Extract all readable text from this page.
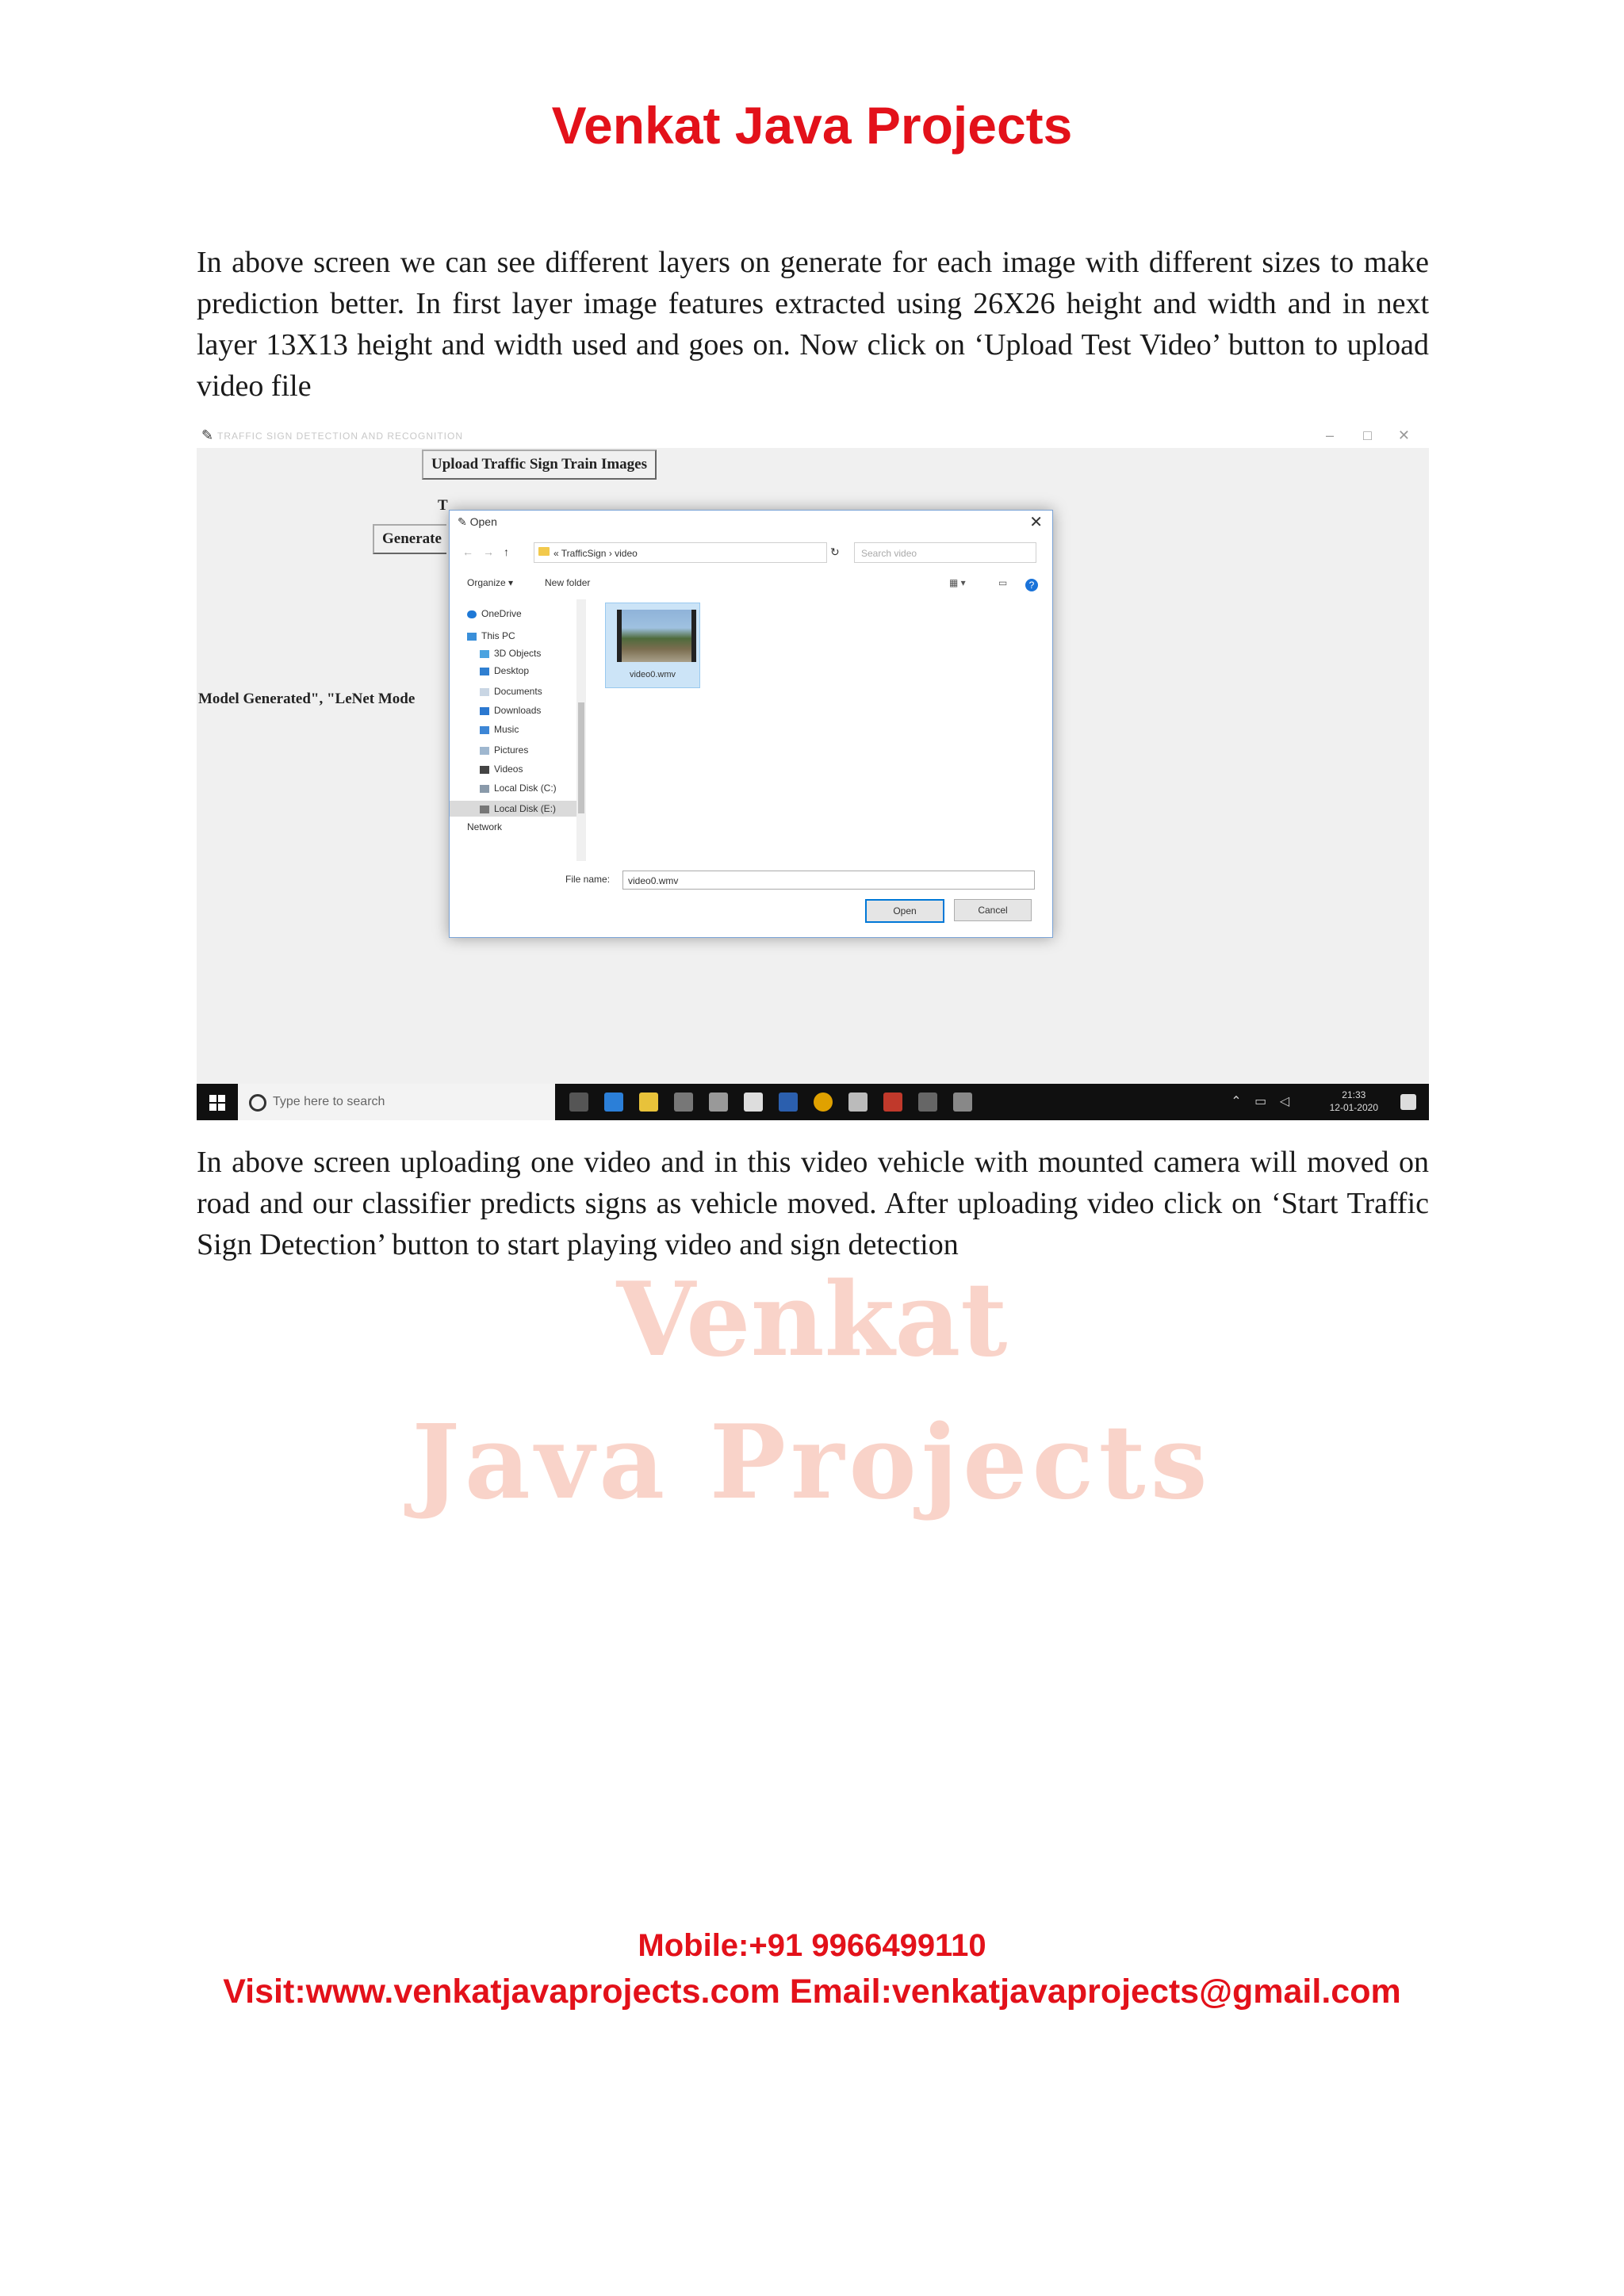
Venkat Java Projects
In above screen we can see different layers on generate for each image with different sizes to make prediction better. In first layer image features extracted using 26X26 height and width and in next layer 13X13 height and width used and goes on. Now click on ‘Upload Test Video’ button to upload video file
✎ TRAFFIC SIGN DETECTION AND RECOGNITION	– □ ✕
Upload Traffic Sign Train Images
T
Generate
Model Generated", "LeNet Mode
✎ Open	✕
← → ↑	« TrafficSign › video	↻	Search video
Organize ▾	New folder	▦ ▾	▭	?
OneDrive
This PC
3D Objects
Desktop
Documents
Downloads
Music
Pictures
Videos
Local Disk (C:)
Local Disk (E:)
Network
video0.wmv
File name:	video0.wmv
Open	Cancel
Type here to search	⌃ ▭ ◁	21:33
12-01-2020
In above screen uploading one video and in this video vehicle with mounted camera will moved on road and our classifier predicts signs as vehicle moved. After uploading video click on ‘Start Traffic Sign Detection’ button to start playing video and sign detection
Venkat
Java Projects
Mobile:+91 9966499110
Visit:www.venkatjavaprojects.com Email:venkatjavaprojects@gmail.com
